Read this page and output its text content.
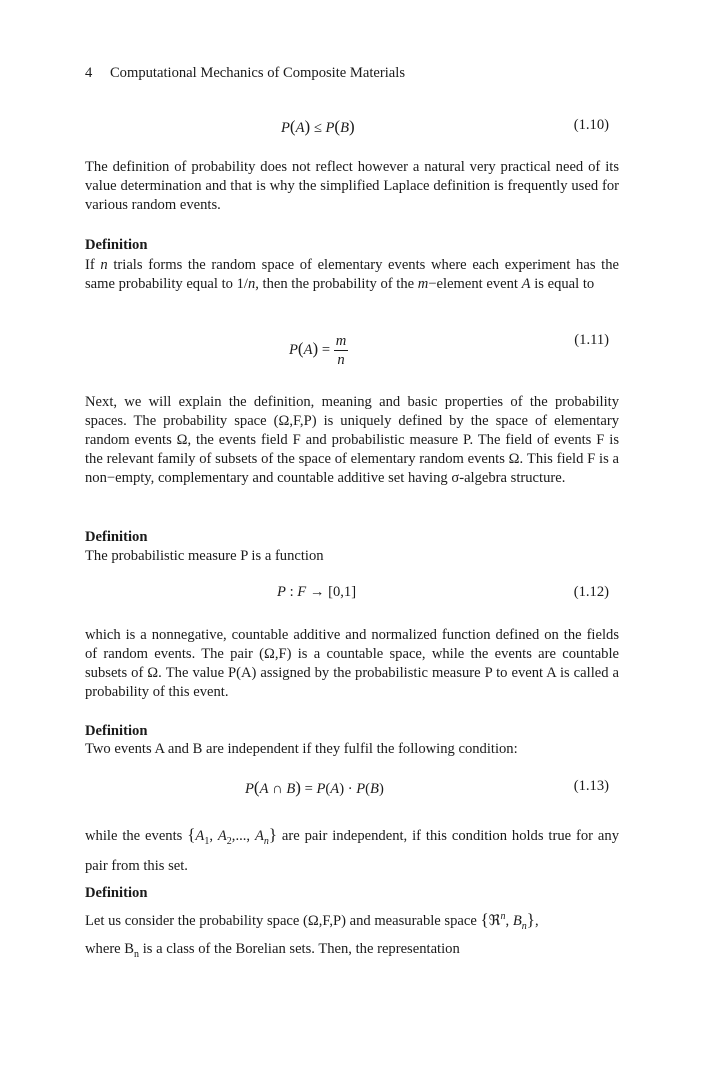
4 Computational Mechanics of Composite Materials
P(A) ≤ P(B)	(1.10)

The definition of probability does not reflect however a natural very practical need of its value determination and that is why the simplified Laplace definition is frequently used for various random events.

Definition

If n trials forms the random space of elementary events where each experiment has the same probability equal to 1/n, then the probability of the m−element event A is equal to

$P(A) = \frac{m}{n}$	(1.11)

Next, we will explain the definition, meaning and basic properties of the probability spaces. The probability space (Ω,F,P) is uniquely defined by the space of elementary random events Ω, the events field F and probabilistic measure P. The field of events F is the relevant family of subsets of the space of elementary random events Ω. This field F is a non−empty, complementary and countable additive set having σ-algebra structure.

Definition

The probabilistic measure P is a function

P : F → [0,1]	(1.12)

which is a nonnegative, countable additive and normalized function defined on the fields of random events. The pair (Ω,F) is a countable space, while the events are countable subsets of Ω. The value P(A) assigned by the probabilistic measure P to event A is called a probability of this event.

Definition

Two events A and B are independent if they fulfil the following condition:

P(A ∩ B) = P(A) · P(B)	(1.13)

while the events {$A_1$, $A_2$,..., $A_n$} are pair independent, if this condition holds true for any pair from this set.

Definition

Let us consider the probability space (Ω,F,P) and measurable space {ℜ$^n$, $B_n$},
where $B_n$ is a class of the Borelian sets. Then, the representation
